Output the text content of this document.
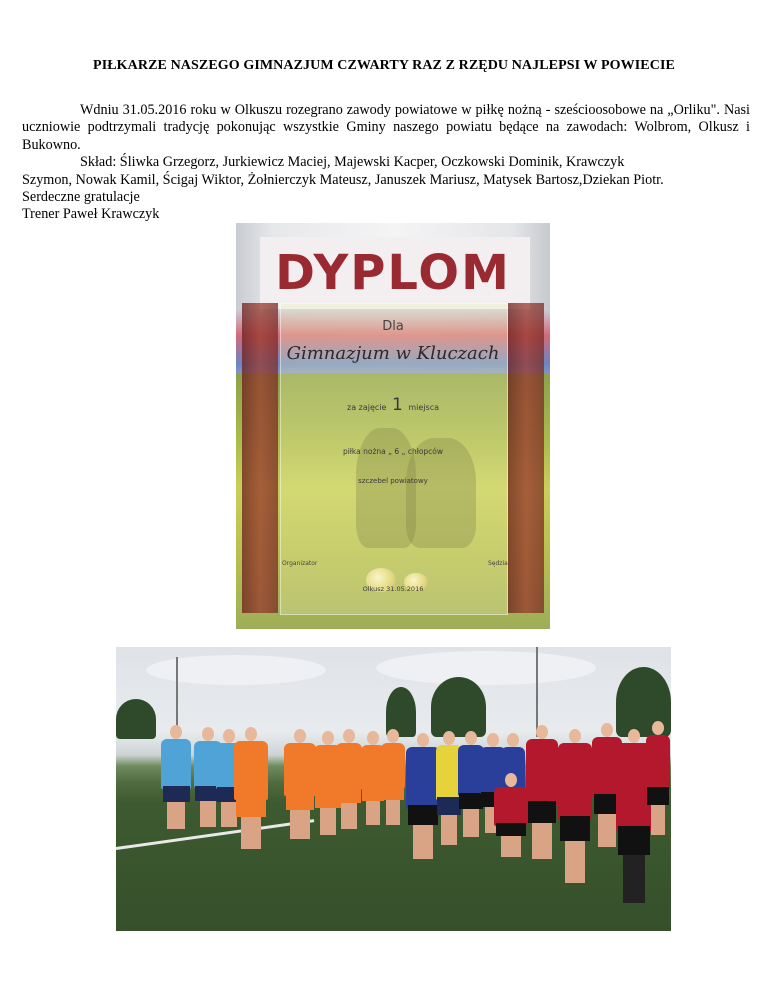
PIŁKARZE NASZEGO GIMNAZJUM CZWARTY RAZ Z RZĘDU NAJLEPSI W POWIECIE

Wdniu 31.05.2016 roku w Olkuszu rozegrano zawody powiatowe w piłkę nożną - sześcioosobowe na „Orliku". Nasi uczniowie podtrzymali tradycję pokonując wszystkie Gminy naszego powiatu będące na zawodach: Wolbrom, Olkusz i Bukowno.

Skład: Śliwka Grzegorz, Jurkiewicz Maciej, Majewski Kacper, Oczkowski Dominik, Krawczyk

Szymon, Nowak Kamil, Ścigaj Wiktor, Żołnierczyk Mateusz, Januszek Mariusz, Matysek Bartosz,Dziekan Piotr.

Serdeczne gratulacje

Trener Paweł Krawczyk

DYPLOM
Dla
Gimnazjum w Kluczach
za zajęcie 1 miejsca
piłka nożna „ 6 „ chłopców
szczebel powiatowy
Organizator	Sędzia
Olkusz 31.05.2016
